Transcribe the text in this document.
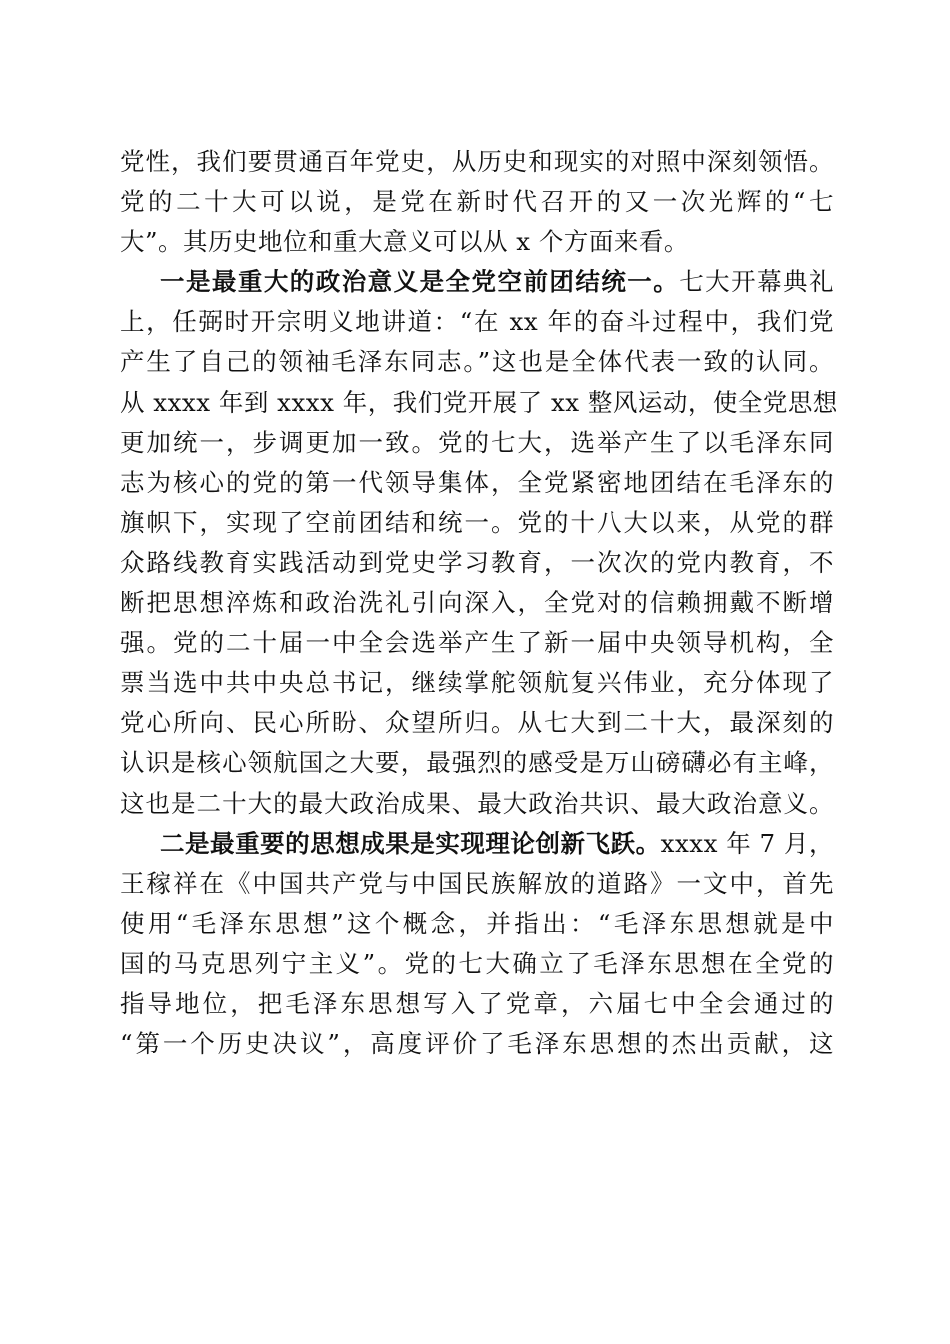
党性，我们要贯通百年党史，从历史和现实的对照中深刻领悟。
党的二十大可以说，是党在新时代召开的又一次光辉的“七
大”。其历史地位和重大意义可以从 x 个方面来看。
一是最重大的政治意义是全党空前团结统一。七大开幕典礼
上，任弼时开宗明义地讲道：“在 xx 年的奋斗过程中，我们党
产生了自己的领袖毛泽东同志。”这也是全体代表一致的认同。
从 xxxx 年到 xxxx 年，我们党开展了 xx 整风运动，使全党思想
更加统一，步调更加一致。党的七大，选举产生了以毛泽东同
志为核心的党的第一代领导集体，全党紧密地团结在毛泽东的
旗帜下，实现了空前团结和统一。党的十八大以来，从党的群
众路线教育实践活动到党史学习教育，一次次的党内教育，不
断把思想淬炼和政治洗礼引向深入，全党对的信赖拥戴不断增
强。党的二十届一中全会选举产生了新一届中央领导机构，全
票当选中共中央总书记，继续掌舵领航复兴伟业，充分体现了
党心所向、民心所盼、众望所归。从七大到二十大，最深刻的
认识是核心领航国之大要，最强烈的感受是万山磅礴必有主峰，
这也是二十大的最大政治成果、最大政治共识、最大政治意义。
二是最重要的思想成果是实现理论创新飞跃。xxxx 年 7 月，
王稼祥在《中国共产党与中国民族解放的道路》一文中，首先
使用“毛泽东思想”这个概念，并指出：“毛泽东思想就是中
国的马克思列宁主义”。党的七大确立了毛泽东思想在全党的
指导地位，把毛泽东思想写入了党章，六届七中全会通过的
“第一个历史决议”，高度评价了毛泽东思想的杰出贡献，这
